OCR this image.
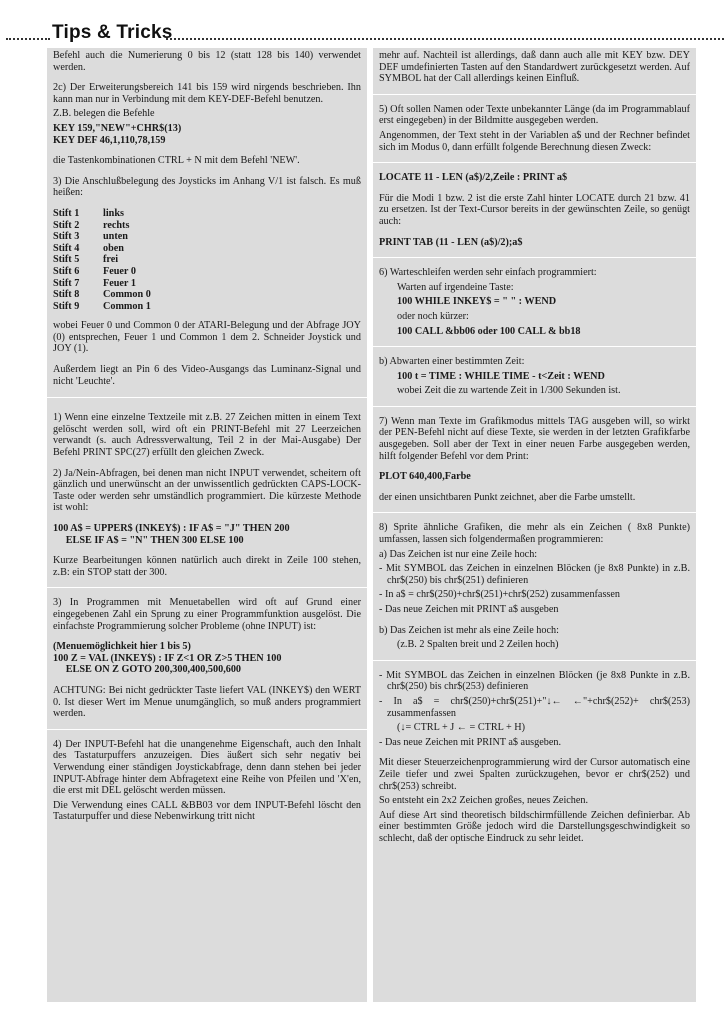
Tips & Tricks

Befehl auch die Numerierung 0 bis 12 (statt 128 bis 140) verwendet werden.

2c) Der Erweiterungsbereich 141 bis 159 wird nirgends beschrieben. Ihn kann man nur in Verbindung mit dem KEY-DEF-Befehl benutzen.

Z.B. belegen die Befehle

KEY 159,"NEW"+CHR$(13)
KEY DEF 46,1,110,78,159

die Tastenkombinationen CTRL + N mit dem Befehl 'NEW'.

3) Die Anschlußbelegung des Joysticks im Anhang V/1 ist falsch. Es muß heißen:

Stift 1	links
Stift 2	rechts
Stift 3	unten
Stift 4	oben
Stift 5	frei
Stift 6	Feuer 0
Stift 7	Feuer 1
Stift 8	Common 0
Stift 9	Common 1

wobei Feuer 0 und Common 0 der ATARI-Belegung und der Abfrage JOY (0) entsprechen, Feuer 1 und Common 1 dem 2. Schneider Joystick und JOY (1).

Außerdem liegt an Pin 6 des Video-Ausgangs das Luminanz-Signal und nicht 'Leuchte'.

1) Wenn eine einzelne Textzeile mit z.B. 27 Zeichen mitten in einem Text gelöscht werden soll, wird oft ein PRINT-Befehl mit 27 Leerzeichen verwandt (s. auch Adressverwaltung, Teil 2 in der Mai-Ausgabe) Der Befehl PRINT SPC(27) erfüllt den gleichen Zweck.

2) Ja/Nein-Abfragen, bei denen man nicht INPUT verwendet, scheitern oft gänzlich und unerwünscht an der unwissentlich gedrückten CAPS-LOCK-Taste oder werden sehr umständlich programmiert. Die kürzeste Methode ist wohl:

100 A$ = UPPER$ (INKEY$) : IF A$ = "J" THEN 200
ELSE IF A$ = "N" THEN 300 ELSE 100

Kurze Bearbeitungen können natürlich auch direkt in Zeile 100 stehen, z.B: ein STOP statt der 300.

3) In Programmen mit Menuetabellen wird oft auf Grund einer eingegebenen Zahl ein Sprung zu einer Programmfunktion ausgelöst. Die einfachste Programmierung solcher Probleme (ohne INPUT) ist:

(Menuemöglichkeit hier 1 bis 5)
100 Z = VAL (INKEY$) : IF Z<1 OR Z>5 THEN 100
ELSE ON Z GOTO 200,300,400,500,600

ACHTUNG: Bei nicht gedrückter Taste liefert VAL (INKEY$) den WERT 0. Ist dieser Wert im Menue unumgänglich, so muß anders programmiert werden.

4) Der INPUT-Befehl hat die unangenehme Eigenschaft, auch den Inhalt des Tastaturpuffers anzuzeigen. Dies äußert sich sehr negativ bei Verwendung einer ständigen Joystickabfrage, denn dann stehen bei jeder INPUT-Abfrage hinter dem Abfragetext eine Reihe von Pfeilen und 'X'en, die erst mit DEL gelöscht werden müssen.

Die Verwendung eines CALL &BB03 vor dem INPUT-Befehl löscht den Tastaturpuffer und diese Nebenwirkung tritt nicht

mehr auf. Nachteil ist allerdings, daß dann auch alle mit KEY bzw. DEY DEF umdefinierten Tasten auf den Standardwert zurückgesetzt werden. Auf SYMBOL hat der Call allerdings keinen Einfluß.

5) Oft sollen Namen oder Texte unbekannter Länge (da im Programmablauf erst eingegeben) in der Bildmitte ausgegeben werden.

Angenommen, der Text steht in der Variablen a$ und der Rechner befindet sich im Modus 0, dann erfüllt folgende Berechnung diesen Zweck:

LOCATE 11 - LEN (a$)/2,Zeile : PRINT a$

Für die Modi 1 bzw. 2 ist die erste Zahl hinter LOCATE durch 21 bzw. 41 zu ersetzen. Ist der Text-Cursor bereits in der gewünschten Zeile, so genügt auch:

PRINT TAB (11 - LEN (a$)/2);a$

6) Warteschleifen werden sehr einfach programmiert:

Warten auf irgendeine Taste:

100 WHILE INKEY$ = " " : WEND

oder noch kürzer:

100 CALL &bb06 oder 100 CALL & bb18

b) Abwarten einer bestimmten Zeit:

100 t = TIME : WHILE TIME - t<Zeit : WEND

wobei Zeit die zu wartende Zeit in 1/300 Sekunden ist.

7) Wenn man Texte im Grafikmodus mittels TAG ausgeben will, so wirkt der PEN-Befehl nicht auf diese Texte, sie werden in der letzten Grafikfarbe ausgegeben. Soll aber der Text in einer neuen Farbe ausgegeben werden, hilft folgender Befehl vor dem Print:

PLOT 640,400,Farbe

der einen unsichtbaren Punkt zeichnet, aber die Farbe umstellt.

8) Sprite ähnliche Grafiken, die mehr als ein Zeichen ( 8x8 Punkte) umfassen, lassen sich folgendermaßen programmieren:

a) Das Zeichen ist nur eine Zeile hoch:

- Mit SYMBOL das Zeichen in einzelnen Blöcken (je 8x8 Punkte) in z.B. chr$(250) bis chr$(251) definieren

- In a$ = chr$(250)+chr$(251)+chr$(252) zusammenfassen

- Das neue Zeichen mit PRINT a$ ausgeben

b) Das Zeichen ist mehr als eine Zeile hoch:

(z.B. 2 Spalten breit und 2 Zeilen hoch)

- Mit SYMBOL das Zeichen in einzelnen Blöcken (je 8x8 Punkte in z.B. chr$(250) bis chr$(253) definieren

- In a$ = chr$(250)+chr$(251)+"↓← ←"+chr$(252)+ chr$(253) zusammenfassen

(↓= CTRL + J ← = CTRL + H)

- Das neue Zeichen mit PRINT a$ ausgeben.

Mit dieser Steuerzeichenprogrammierung wird der Cursor automatisch eine Zeile tiefer und zwei Spalten zurückzugehen, bevor er chr$(252) und chr$(253) schreibt.

So entsteht ein 2x2 Zeichen großes, neues Zeichen.

Auf diese Art sind theoretisch bildschirmfüllende Zeichen definierbar. Ab einer bestimmten Größe jedoch wird die Darstellungsgeschwindigkeit so schlecht, daß der optische Eindruck zu sehr leidet.
